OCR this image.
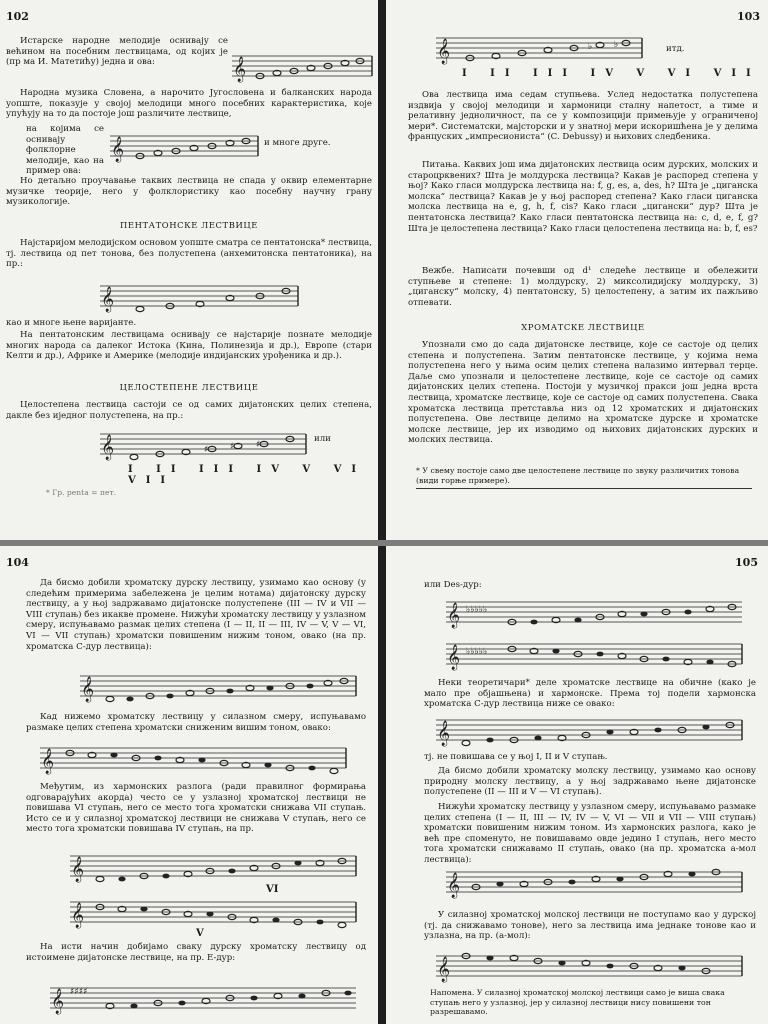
102
Истарске народне мелодије оснивају се већином на посебним лествицама, од којих је (пр ма И. Матетићу) једна и ова:	𝄞
Народна музика Словена, а нарочито Југословена и балканских народа уопште, показује у својој мелодици много посебних карактеристика, које упућују на то да постоје још различите лествице,
на којима се оснивају фолклорне мелодије, као на пример ова:
𝄞	и многе друге.
Но детаљно проучавање таквих лествица не спада у оквир елементарне музичке теорије, него у фолклористику као посебну научну грану музикологије.
ПЕНТАТОНСКЕ ЛЕСТВИЦЕ
Најстаријом мелодијском основом уопште сматра се пентатонска* лествица, тј. лествица од пет тонова, без полустепена (анхемитонска пентатоника), на пр.:
𝄞
као и многе њене варијанте.
На пентатонским лествицама оснивају се најстарије познате мелодије многих народа са далеког Истока (Кина, Полинезија и др.), Европе (стари Келти и др.), Африке и Америке (мелодије индијанских урођеника и др.).
ЦЕЛОСТЕПЕНЕ ЛЕСТВИЦЕ
Целостепена лествица састоји се од самих дијатонских целих степена, дакле без иједног полустепена, на пр.:
𝄞	♯ ♯ ♯
или
I II III IV V VI VII
* Гр. penta = пет.
103
𝄞	♭ ♭	итд.
I II III IV V VI VII
Ова лествица има седам ступњева. Услед недостатка полустепена издвија у својој мелодици и хармоници сталну напетост, а тиме и релативну једноличност, па се у композицији примењује у ограниченој мери*. Систематски, мајсторски и у знатној мери искоришћена је у делима француских „импресиониста“ (C. Debussy) и њихових следбеника.
Питања. Каквих још има дијатонских лествица осим дурских, молских и староцрквених? Шта је молдурска лествица? Какав је распоред степена у њој? Како гласи молдурска лествица на: f, g, es, a, des, h? Шта је „циганска молска“ лествица? Какав је у њој распоред степена? Како гласи циганска молска лествица на e, g, h, f, cis? Како гласи „цигански“ дур? Шта је пентатонска лествица? Како гласи пентатонска лествица на: c, d, e, f, g? Шта је целостепена лествица? Како гласи целостепена лествица на: b, f, es?
Вежбе. Написати почевши од d¹ следеће лествице и обележити ступњеве и степене: 1) молдурску, 2) миксолидијску молдурску, 3) „циганску“ молску, 4) пентатонску, 5) целостепену, а затим их пажљиво отпевати.
ХРОМАТСКЕ ЛЕСТВИЦЕ
Упознали смо до сада дијатонске лествице, које се састоје од целих степена и полустепена. Затим пентатонске лествице, у којима нема полустепена него у њима осим целих степена налазимо интервал терце. Даље смо упознали и целостепене лествице, које се састоје од самих дијатонских целих степена. Постоји у музичкој пракси још једна врста лествица, хроматске лествице, које се састоје од самих полустепена. Свака хроматска лествица претставља низ од 12 хроматских и дијатонских полустепена. Ове лествице делимо на хроматске дурске и хроматске молске лествице, јер их изводимо од њихових дијатонских дурских и молских лествица.
* У свему постоје само две целостепене лествице по звуку различитих тонова (види горње примере).
104
Да бисмо добили хроматску дурску лествицу, узимамо као основу (у следећим примерима забележена је целим нотама) дијатонску дурску лествицу, а у њој задржавамо дијатонске полустепене (III — IV и VII — VIII ступањ) без икакве промене. Нижући хроматску лествицу у узлазном смеру, испуњавамо размак целих степена (I — II, II — III, IV — V, V — VI, VI — VII ступањ) хроматски повишеним нижим тоном, овако (на пр. хроматска C-дур лествица):
𝄞
Кад нижемо хроматску лествицу у силазном смеру, испуњавамо размаке целих степена хроматски сниженим вишим тоном, овако:
𝄞
Међутим, из хармонских разлога (ради правилног формирања одговарајућих акорда) често се у узлазној хроматској лествици не повишава VI ступањ, него се место тога хроматски снижава VII ступањ. Исто се и у силазној хроматској лествици не снижава V ступањ, него се место тога хроматски повишава IV ступањ, на пр.
𝄞
VI
𝄞
V
На исти начин добијамо сваку дурску хроматску лествицу од истоимене дијатонске лествице, на пр. E-дур:
𝄞 ♯♯♯♯
105
или Des-дур:
𝄞 ♭♭♭♭♭
𝄞 ♭♭♭♭♭
Неки теоретичари* деле хроматске лествице на обичне (како је мало пре објашњена) и хармонске. Према тој подели хармонска хроматска C-дур лествица ниже се овако:
𝄞
тј. не повишава се у њој I, II и V ступањ.
Да бисмо добили хроматску молску лествицу, узимамо као основу природну молску лествицу, а у њој задржавамо њене дијатонске полустепене (II — III и V — VI ступањ).
Нижући хроматску лествицу у узлазном смеру, испуњавамо размаке целих степена (I — II, III — IV, IV — V, VI — VII и VII — VIII ступањ) хроматски повишеним нижим тоном. Из хармонских разлога, како је већ пре споменуто, не повишавамо овде једино I ступањ, него место тога хроматски снижавамо II ступањ, овако (на пр. хроматска a-мол лествица):
𝄞
У силазној хроматској молској лествици не поступамо као у дурској (тј. да снижавамо тонове), него за лествица има једнаке тонове као и узлазна, на пр. (a-мол):
𝄞
Напомена. У силазној хроматској молској лествици само је виша свака ступањ него у узлазној, јер у силазној лествици нису повишени тон разрешавамо.
